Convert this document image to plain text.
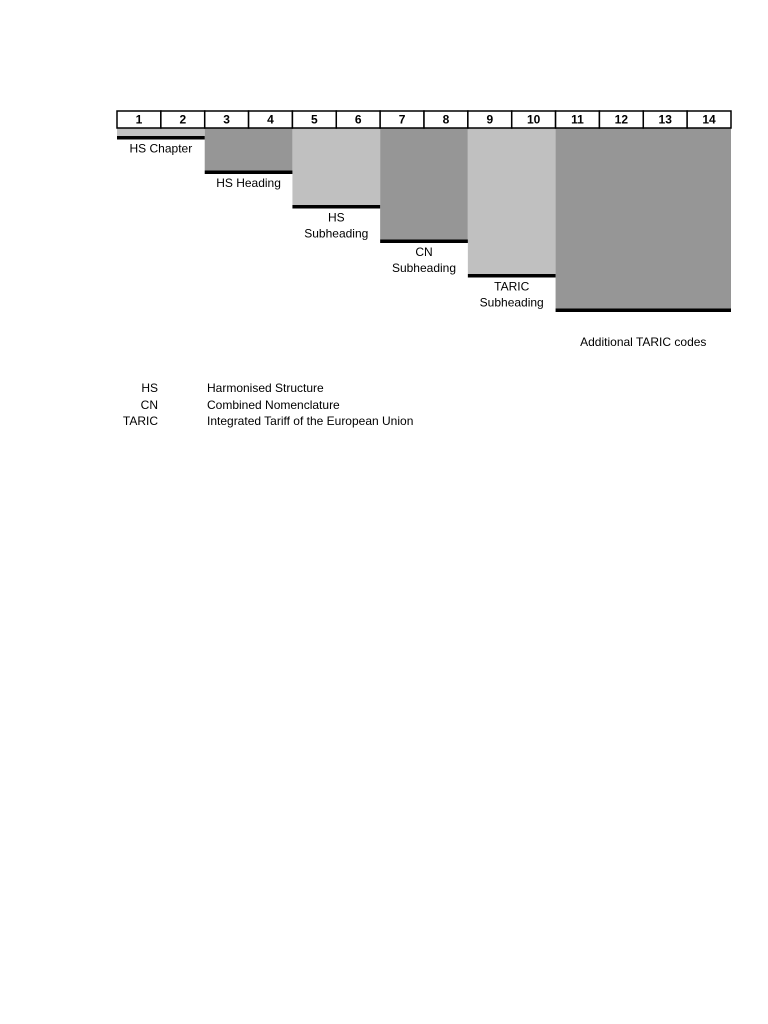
1	2	3	4	5	6	7	8	9	10	11	12	13	14
HS Chapter
HS Heading
HS
Subheading
CN
Subheading
TARIC
Subheading
Additional TARIC codes
HS	Harmonised Structure
CN	Combined Nomenclature
TARIC	Integrated Tariff of the European Union
